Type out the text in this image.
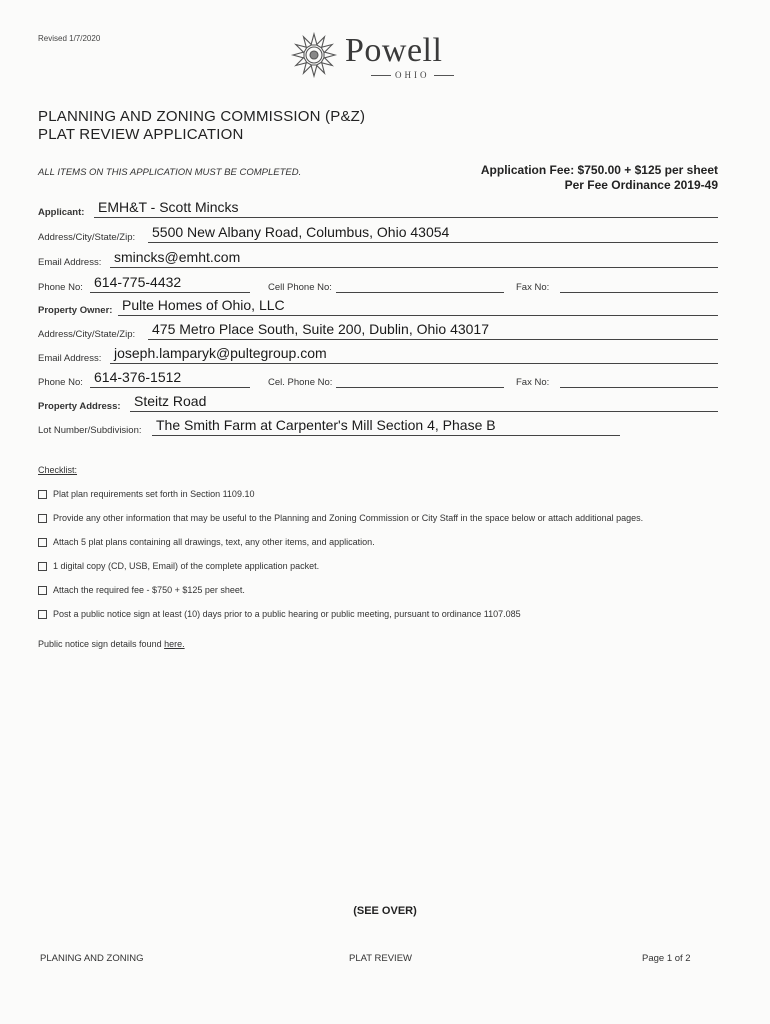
Revised 1/7/2020	Powell
OHIO
PLANNING AND ZONING COMMISSION (P&Z)
PLAT REVIEW APPLICATION
ALL ITEMS ON THIS APPLICATION MUST BE COMPLETED.	Application Fee: $750.00 + $125 per sheet
Per Fee Ordinance 2019-49
Applicant: EMH&T - Scott Mincks
Address/City/State/Zip: 5500 New Albany Road, Columbus, Ohio 43054
Email Address: smincks@emht.com
Phone No: 614-775-4432	Cell Phone No:	Fax No:
Property Owner: Pulte Homes of Ohio, LLC
Address/City/State/Zip: 475 Metro Place South, Suite 200, Dublin, Ohio 43017
Email Address: joseph.lamparyk@pultegroup.com
Phone No: 614-376-1512	Cel. Phone No:	Fax No:
Property Address: Steitz Road
Lot Number/Subdivision: The Smith Farm at Carpenter's Mill Section 4, Phase B
Checklist:
Plat plan requirements set forth in Section 1109.10
Provide any other information that may be useful to the Planning and Zoning Commission or City Staff in the space below or attach additional pages.
Attach 5 plat plans containing all drawings, text, any other items, and application.
1 digital copy (CD, USB, Email) of the complete application packet.
Attach the required fee - $750 + $125 per sheet.
Post a public notice sign at least (10) days prior to a public hearing or public meeting, pursuant to ordinance 1107.085
Public notice sign details found here.
(SEE OVER)
PLANING AND ZONING	PLAT REVIEW	Page 1 of 2
